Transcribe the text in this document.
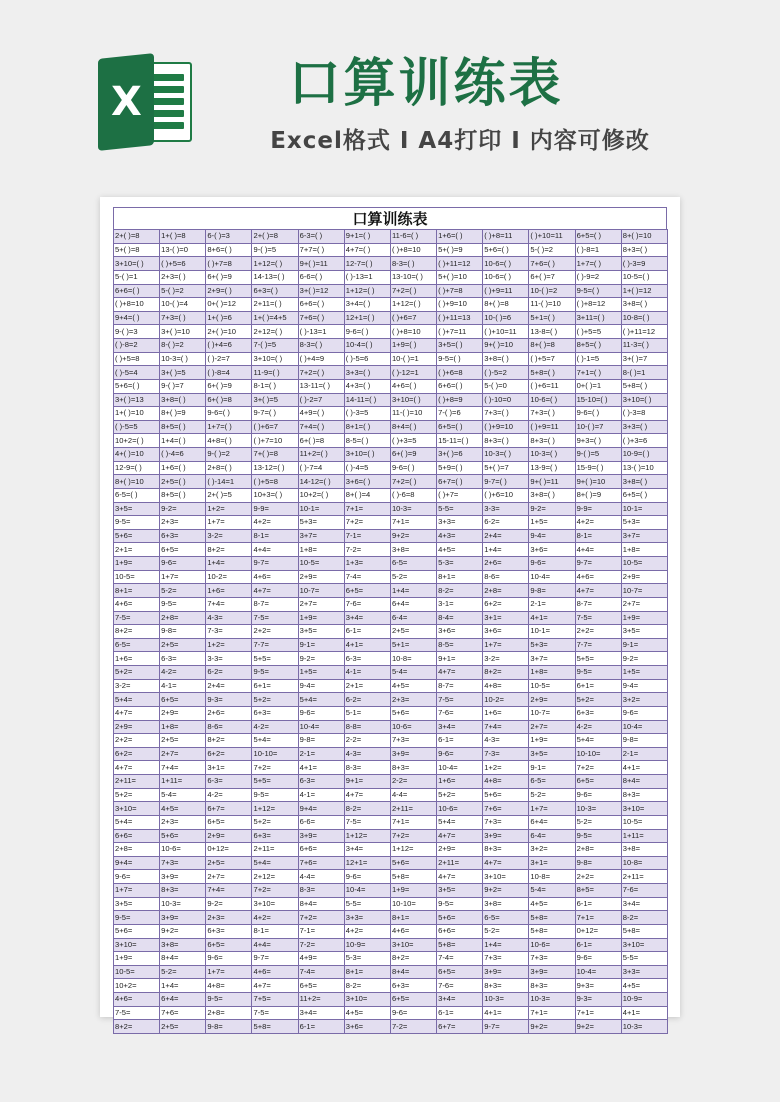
X	口算训练表
Excel格式 I A4打印 I 内容可修改
口算训练表
2+( )=8	1+( )=8	6-( )=3	2+( )=8	6-3=( )	9+1=( )	11-6=( )	1+6=( )	( )+8=11	( )+10=11	6+5=( )	8+( )=10
5+( )=8	13-( )=0	8+6=( )	9-( )=5	7+7=( )	4+7=( )	( )+8=10	5+( )=9	5+6=( )	5-( )=2	( )-8=1	8+3=( )
3+10=( )	( )+5=6	( )+7=8	1+12=( )	9+( )=11	12-7=( )	8-3=( )	( )+11=12	10-6=( )	7+6=( )	1+7=( )	( )-3=9
5-( )=1	2+3=( )	6+( )=9	14-13=( )	6-6=( )	( )-13=1	13-10=( )	5+( )=10	10-6=( )	6+( )=7	( )-9=2	10-5=( )
6+6=( )	5-( )=2	2+9=( )	6+3=( )	3+( )=12	1+12=( )	7+2=( )	( )+7=8	( )+9=11	10-( )=2	9-5=( )	1+( )=12
( )+8=10	10-( )=4	0+( )=12	2+11=( )	6+6=( )	3+4=( )	1+12=( )	( )+9=10	8+( )=8	11-( )=10	( )+8=12	3+8=( )
9+4=( )	7+3=( )	1+( )=6	1+( )=4+5	7+6=( )	12+1=( )	( )+6=7	( )+11=13	10-( )=6	5+1=( )	3+11=( )	10-8=( )
9-( )=3	3+( )=10	2+( )=10	2+12=( )	( )-13=1	9-6=( )	( )+8=10	( )+7=11	( )+10=11	13-8=( )	( )+5=5	( )+11=12
( )-8=2	8-( )=2	( )+4=6	7-( )=5	8-3=( )	10-4=( )	1+9=( )	3+5=( )	9+( )=10	8+( )=8	8+5=( )	11-3=( )
( )+5=8	10-3=( )	( )-2=7	3+10=( )	( )+4=9	( )-5=6	10-( )=1	9-5=( )	3+8=( )	( )+5=7	( )-1=5	3+( )=7
( )-5=4	3+( )=5	( )-8=4	11-9=( )	7+2=( )	3+3=( )	( )-12=1	( )+6=8	( )-5=2	5+8=( )	7+1=( )	8-( )=1
5+6=( )	9-( )=7	6+( )=9	8-1=( )	13-11=( )	4+3=( )	4+6=( )	6+6=( )	5-( )=0	( )+6=11	0+( )=1	5+8=( )
3+( )=13	3+8=( )	6+( )=8	3+( )=5	( )-2=7	14-11=( )	3+10=( )	( )+8=9	( )-10=0	10-6=( )	15-10=( )	3+10=( )
1+( )=10	8+( )=9	9-6=( )	9-7=( )	4+9=( )	( )-3=5	11-( )=10	7-( )=6	7+3=( )	7+3=( )	9-6=( )	( )-3=8
( )-5=5	8+5=( )	1+7=( )	( )+6=7	7+4=( )	8+1=( )	8+4=( )	6+5=( )	( )+9=10	( )+9=11	10-( )=7	3+3=( )
10+2=( )	1+4=( )	4+8=( )	( )+7=10	6+( )=8	8-5=( )	( )+3=5	15-11=( )	8+3=( )	8+3=( )	9+3=( )	( )+3=6
4+( )=10	( )-4=6	9-( )=2	7+( )=8	11+2=( )	3+10=( )	6+( )=9	3+( )=6	10-3=( )	10-3=( )	9-( )=5	10-9=( )
12-9=( )	1+6=( )	2+8=( )	13-12=( )	( )-7=4	( )-4=5	9-6=( )	5+9=( )	5+( )=7	13-9=( )	15-9=( )	13-( )=10
8+( )=10	2+5=( )	( )-14=1	( )+5=8	14-12=( )	3+6=( )	7+2=( )	6+7=( )	9-7=( )	9+( )=11	9+( )=10	3+8=( )
6-5=( )	8+5=( )	2+( )=5	10+3=( )	10+2=( )	8+( )=4	( )-6=8	( )+7=	( )+6=10	3+8=( )	8+( )=9	6+5=( )
3+5=	9-2=	1+2=	9-9=	10-1=	7+1=	10-3=	5-5=	3-3=	9-2=	9-9=	10-1=
9-5=	2+3=	1+7=	4+2=	5+3=	7+2=	7+1=	3+3=	6-2=	1+5=	4+2=	5+3=
5+6=	6+3=	3-2=	8-1=	3+7=	7-1=	9+2=	4+3=	2+4=	9-4=	8-1=	3+7=
2+1=	6+5=	8+2=	4+4=	1+8=	7-2=	3+8=	4+5=	1+4=	3+6=	4+4=	1+8=
1+9=	9-6=	1+4=	9-7=	10-5=	1+3=	6-5=	5-3=	2+6=	9-6=	9-7=	10-5=
10-5=	1+7=	10-2=	4+6=	2+9=	7-4=	5-2=	8+1=	8-6=	10-4=	4+6=	2+9=
8+1=	5-2=	1+6=	4+7=	10-7=	6+5=	1+4=	8-2=	2+8=	9-8=	4+7=	10-7=
4+6=	9-5=	7+4=	8-7=	2+7=	7-6=	6+4=	3-1=	6+2=	2-1=	8-7=	2+7=
7-5=	2+8=	4-3=	7-5=	1+9=	3+4=	6-4=	8-4=	3+1=	4+1=	7-5=	1+9=
8+2=	9-8=	7-3=	2+2=	3+5=	6-1=	2+5=	3+6=	3+6=	10-1=	2+2=	3+5=
6-5=	2+5=	1+2=	7-7=	9-1=	4+1=	5+1=	8-5=	1+7=	5+3=	7-7=	9-1=
1+6=	6-3=	3-3=	5+5=	9-2=	6-3=	10-8=	9+1=	3-2=	3+7=	5+5=	9-2=
5+2=	4-2=	6-2=	9-5=	1+5=	4-1=	5-4=	4+7=	8+2=	1+8=	9-5=	1+5=
3-2=	4-1=	2+4=	6+1=	9-4=	2+1=	4+5=	8-7=	4+8=	10-5=	6+1=	9-4=
5+4=	6+5=	9-3=	5+2=	5+4=	6-2=	2+3=	7-5=	10-2=	2+9=	5+2=	3+2=
4+7=	2+9=	2+6=	6+3=	9-6=	5-1=	5+6=	7-6=	1+6=	10-7=	6+3=	9-6=
2+9=	1+8=	8-6=	4-2=	10-4=	8-8=	10-6=	3+4=	7+4=	2+7=	4-2=	10-4=
2+2=	2+5=	8+2=	5+4=	9-8=	2-2=	7+3=	6-1=	4-3=	1+9=	5+4=	9-8=
6+2=	2+7=	6+2=	10-10=	2-1=	4-3=	3+9=	9-6=	7-3=	3+5=	10-10=	2-1=
4+7=	7+4=	3+1=	7+2=	4+1=	8-3=	8+3=	10-4=	1+2=	9-1=	7+2=	4+1=
2+11=	1+11=	6-3=	5+5=	6-3=	9+1=	2-2=	1+6=	4+8=	6-5=	6+5=	8+4=
5+2=	5-4=	4-2=	9-5=	4-1=	4+7=	4-4=	5+2=	5+6=	5-2=	9-6=	8+3=
3+10=	4+5=	6+7=	1+12=	9+4=	8-2=	2+11=	10-6=	7+6=	1+7=	10-3=	3+10=
5+4=	2+3=	6+5=	5+2=	6-6=	7-5=	7+1=	5+4=	7+3=	6+4=	5-2=	10-5=
6+6=	5+6=	2+9=	6+3=	3+9=	1+12=	7+2=	4+7=	3+9=	6-4=	9-5=	1+11=
2+8=	10-6=	0+12=	2+11=	6+6=	3+4=	1+12=	2+9=	8+3=	3+2=	2+8=	3+8=
9+4=	7+3=	2+5=	5+4=	7+6=	12+1=	5+6=	2+11=	4+7=	3+1=	9-8=	10-8=
9-6=	3+9=	2+7=	2+12=	4-4=	9-6=	5+8=	4+7=	3+10=	10-8=	2+2=	2+11=
1+7=	8+3=	7+4=	7+2=	8-3=	10-4=	1+9=	3+5=	9+2=	5-4=	8+5=	7-6=
3+5=	10-3=	9-2=	3+10=	8+4=	5-5=	10-10=	9-5=	3+8=	4+5=	6-1=	3+4=
9-5=	3+9=	2+3=	4+2=	7+2=	3+3=	8+1=	5+6=	6-5=	5+8=	7+1=	8-2=
5+6=	9+2=	6+3=	8-1=	7-1=	4+2=	4+6=	6+6=	5-2=	5+8=	0+12=	5+8=
3+10=	3+8=	6+5=	4+4=	7-2=	10-9=	3+10=	5+8=	1+4=	10-6=	6-1=	3+10=
1+9=	8+4=	9-6=	9-7=	4+9=	5-3=	8+2=	7-4=	7+3=	7+3=	9-6=	5-5=
10-5=	5-2=	1+7=	4+6=	7-4=	8+1=	8+4=	6+5=	3+9=	3+9=	10-4=	3+3=
10+2=	1+4=	4+8=	4+7=	6+5=	8-2=	6+3=	7-6=	8+3=	8+3=	9+3=	4+5=
4+6=	6+4=	9-5=	7+5=	11+2=	3+10=	6+5=	3+4=	10-3=	10-3=	9-3=	10-9=
7-5=	7+6=	2+8=	7-5=	3+4=	4+5=	9-6=	6-1=	4+1=	7+1=	7+1=	4+1=
8+2=	2+5=	9-8=	5+8=	6-1=	3+6=	7-2=	6+7=	9-7=	9+2=	9+2=	10-3=
